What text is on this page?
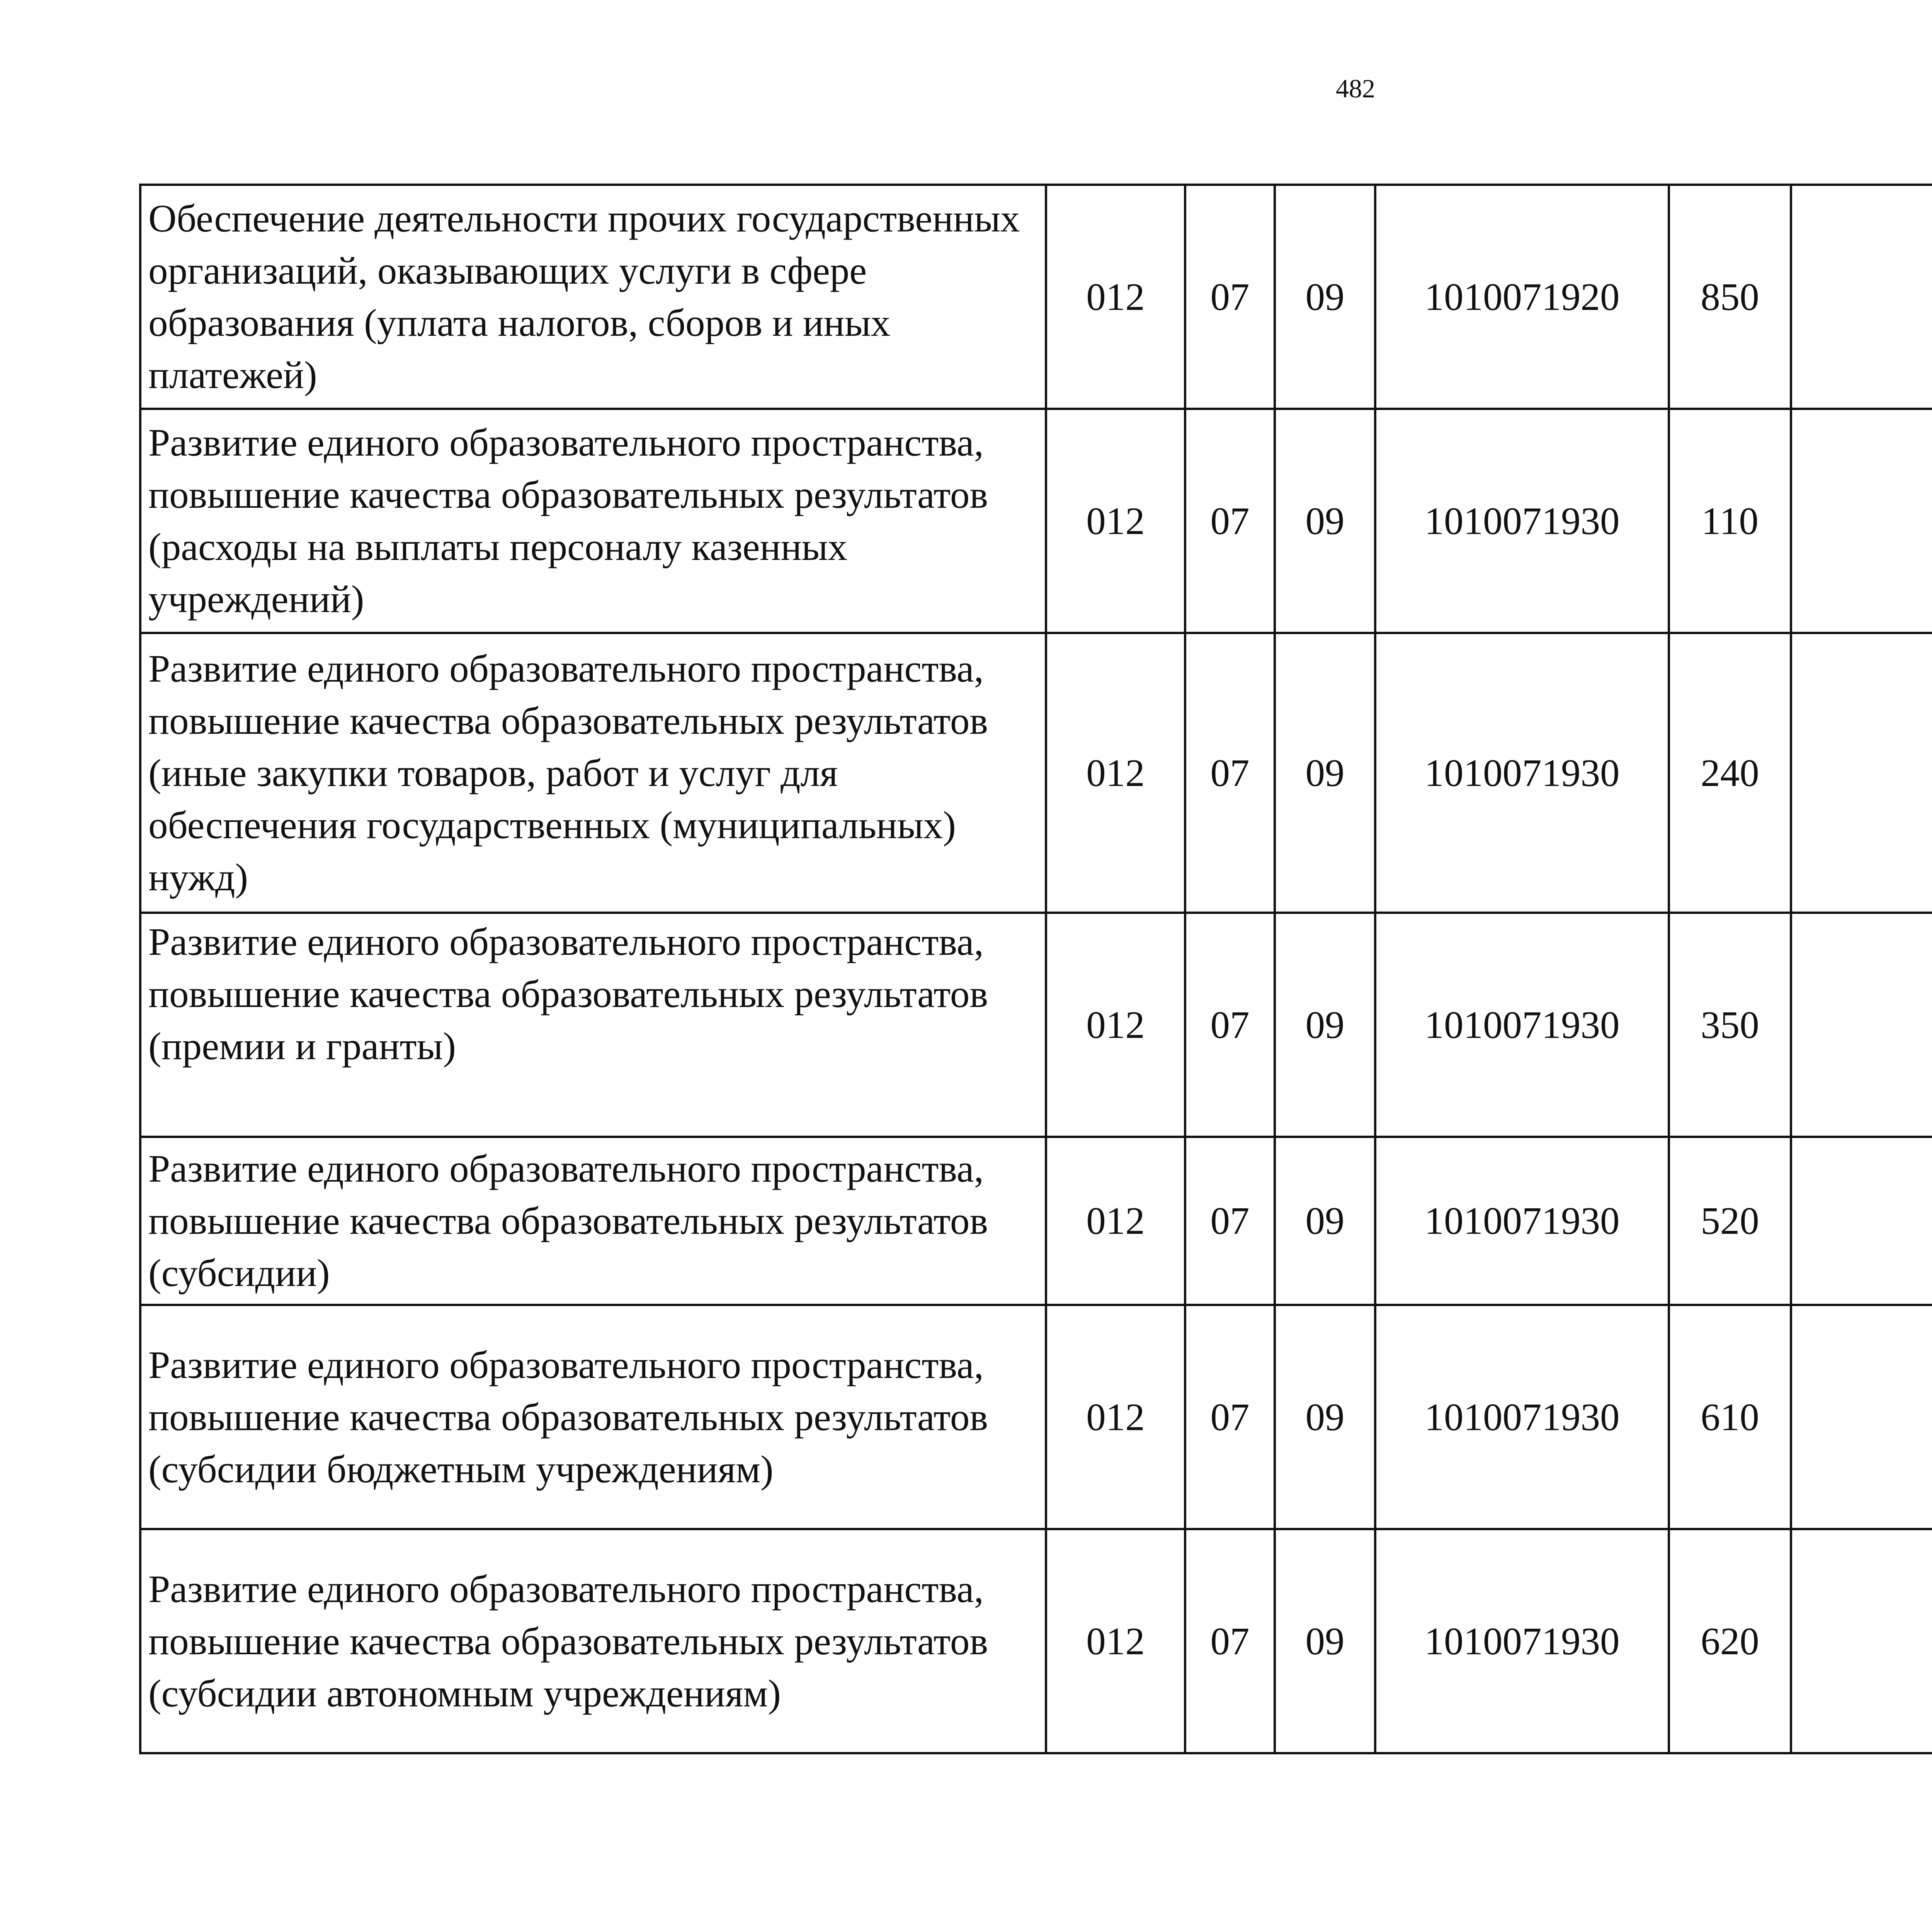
482
Обеспечение деятельности прочих государственных организаций, оказывающих услуги в сфере образования (уплата налогов, сборов и иных платежей)	012	07	09	1010071920	850			
Развитие единого образовательного пространства, повышение качества образовательных результатов (расходы на выплаты персоналу казенных учреждений)	012	07	09	1010071930	110			
Развитие единого образовательного пространства, повышение качества образовательных результатов (иные закупки товаров, работ и услуг для обеспечения государственных (муниципальных) нужд)	012	07	09	1010071930	240			
Развитие единого образовательного пространства, повышение качества образовательных результатов (премии и гранты)	012	07	09	1010071930	350			
Развитие единого образовательного пространства, повышение качества образовательных результатов (субсидии)	012	07	09	1010071930	520			
Развитие единого образовательного пространства, повышение качества образовательных результатов (субсидии бюджетным учреждениям)	012	07	09	1010071930	610			
Развитие единого образовательного пространства, повышение качества образовательных результатов (субсидии автономным учреждениям)	012	07	09	1010071930	620			
